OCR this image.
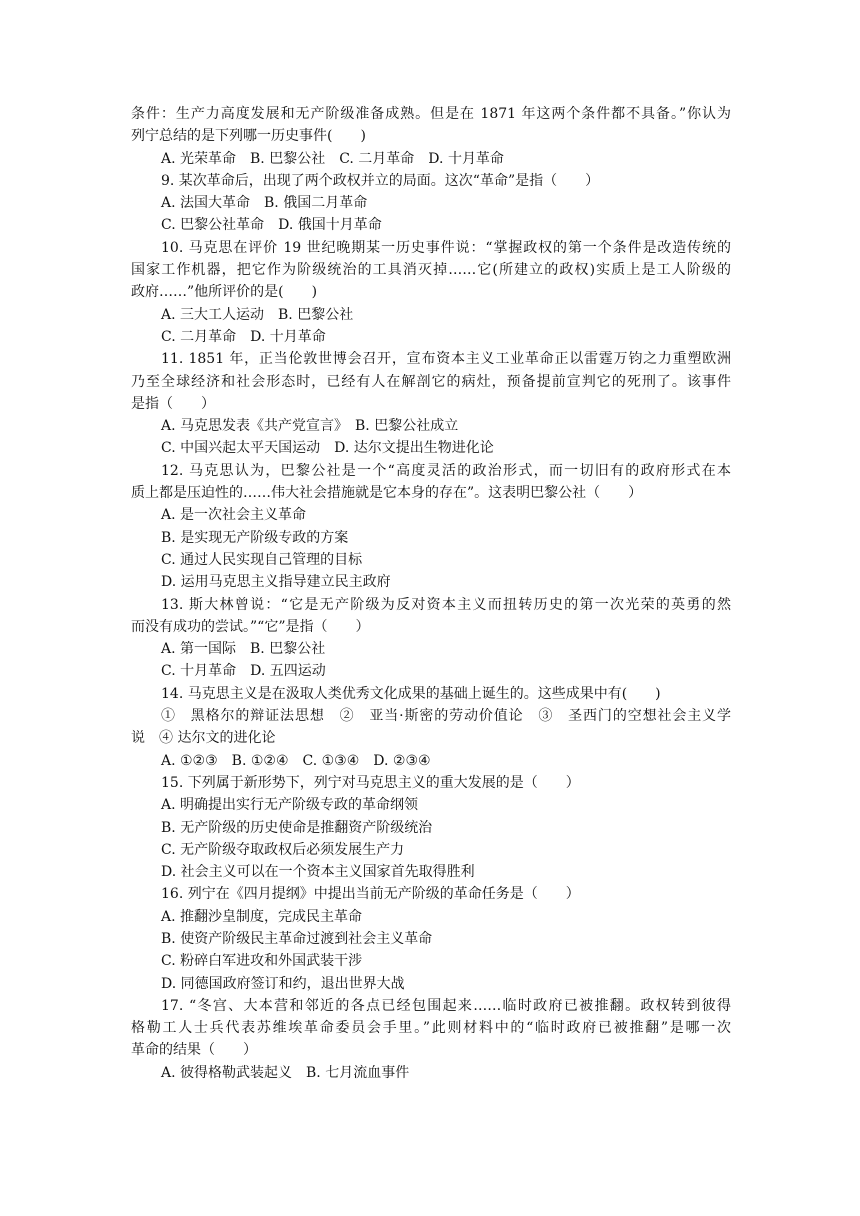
条件：生产力高度发展和无产阶级准备成熟。但是在 1871 年这两个条件都不具备。”你认为
列宁总结的是下列哪一历史事件(　　)
A. 光荣革命　B. 巴黎公社　C. 二月革命　D. 十月革命
9. 某次革命后，出现了两个政权并立的局面。这次“革命”是指（　　）
A. 法国大革命　B. 俄国二月革命
C. 巴黎公社革命　D. 俄国十月革命
10. 马克思在评价 19 世纪晚期某一历史事件说：“掌握政权的第一个条件是改造传统的
国家工作机器，把它作为阶级统治的工具消灭掉……它(所建立的政权)实质上是工人阶级的
政府……”他所评价的是(　　)
A. 三大工人运动　B. 巴黎公社
C. 二月革命　D. 十月革命
11. 1851 年，正当伦敦世博会召开，宣布资本主义工业革命正以雷霆万钧之力重塑欧洲
乃至全球经济和社会形态时，已经有人在解剖它的病灶，预备提前宣判它的死刑了。该事件
是指（　　）
A. 马克思发表《共产党宣言》　B. 巴黎公社成立
C. 中国兴起太平天国运动　D. 达尔文提出生物进化论
12. 马克思认为，巴黎公社是一个“高度灵活的政治形式，而一切旧有的政府形式在本
质上都是压迫性的……伟大社会措施就是它本身的存在”。这表明巴黎公社（　　）
A. 是一次社会主义革命
B. 是实现无产阶级专政的方案
C. 通过人民实现自己管理的目标
D. 运用马克思主义指导建立民主政府
13. 斯大林曾说：“它是无产阶级为反对资本主义而扭转历史的第一次光荣的英勇的然
而没有成功的尝试。”“它”是指（　　）
A. 第一国际　B. 巴黎公社
C. 十月革命　D. 五四运动
14. 马克思主义是在汲取人类优秀文化成果的基础上诞生的。这些成果中有(　　)
①　黑格尔的辩证法思想　②　亚当·斯密的劳动价值论　③　圣西门的空想社会主义学
说　④ 达尔文的进化论
A. ①②③　B. ①②④　C. ①③④　D. ②③④
15. 下列属于新形势下，列宁对马克思主义的重大发展的是（　　）
A. 明确提出实行无产阶级专政的革命纲领
B. 无产阶级的历史使命是推翻资产阶级统治
C. 无产阶级夺取政权后必须发展生产力
D. 社会主义可以在一个资本主义国家首先取得胜利
16. 列宁在《四月提纲》中提出当前无产阶级的革命任务是（　　）
A. 推翻沙皇制度，完成民主革命
B. 使资产阶级民主革命过渡到社会主义革命
C. 粉碎白军进攻和外国武装干涉
D. 同德国政府签订和约，退出世界大战
17. “冬宫、大本营和邻近的各点已经包围起来……临时政府已被推翻。政权转到彼得
格勒工人士兵代表苏维埃革命委员会手里。”此则材料中的“临时政府已被推翻”是哪一次
革命的结果（　　）
A. 彼得格勒武装起义　B. 七月流血事件
